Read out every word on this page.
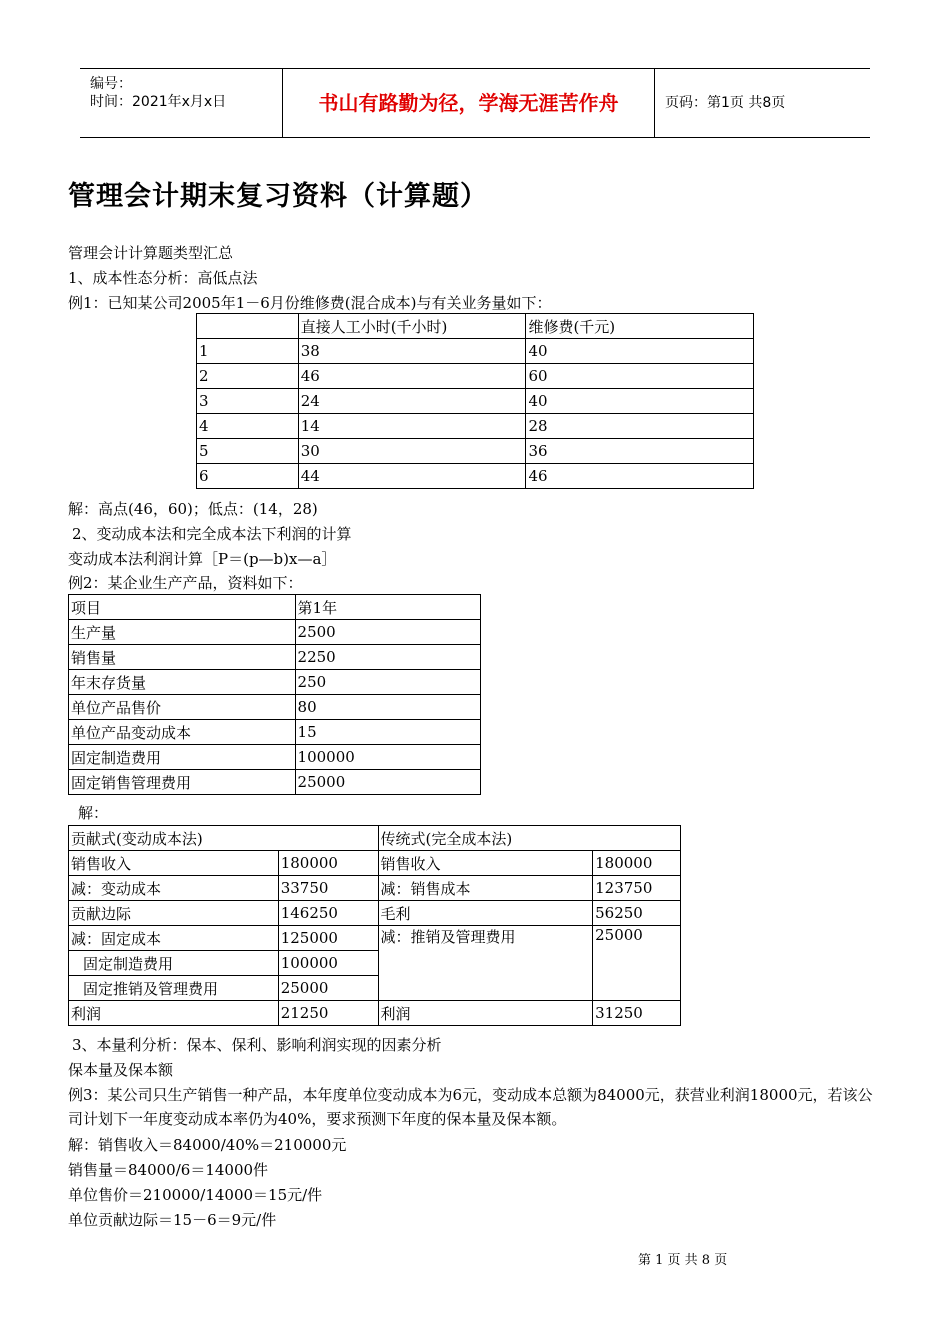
编号：
时间：2021年x月x日	书山有路勤为径，学海无涯苦作舟	页码：第1页 共8页
管理会计期末复习资料（计算题）
管理会计计算题类型汇总
1、成本性态分析：高低点法
例1：已知某公司2005年1－6月份维修费(混合成本)与有关业务量如下：
	直接人工小时(千小时)	维修费(千元)
1	38	40
2	46	60
3	24	40
4	14	28
5	30	36
6	44	46
解：高点(46，60)；低点：(14，28)
2、变动成本法和完全成本法下利润的计算
变动成本法利润计算［P＝(p—b)x—a］
例2：某企业生产产品，资料如下：
项目	第1年
生产量	2500
销售量	2250
年末存货量	250
单位产品售价	80
单位产品变动成本	15
固定制造费用	100000
固定销售管理费用	25000
解：
贡献式(变动成本法)		传统式(完全成本法)	
销售收入	180000	销售收入	180000
减：变动成本	33750	减：销售成本	123750
贡献边际	146250	毛利	56250
减：固定成本	125000	减：推销及管理费用	25000
固定制造费用	100000		
固定推销及管理费用	25000		
利润	21250	利润	31250
3、本量利分析：保本、保利、影响利润实现的因素分析
保本量及保本额
例3：某公司只生产销售一种产品，本年度单位变动成本为6元，变动成本总额为84000元，获营业利润18000元，若该公司计划下一年度变动成本率仍为40%，要求预测下年度的保本量及保本额。
解：销售收入＝84000/40%＝210000元
销售量＝84000/6＝14000件
单位售价＝210000/14000＝15元/件
单位贡献边际＝15－6＝9元/件
第 1 页 共 8 页
